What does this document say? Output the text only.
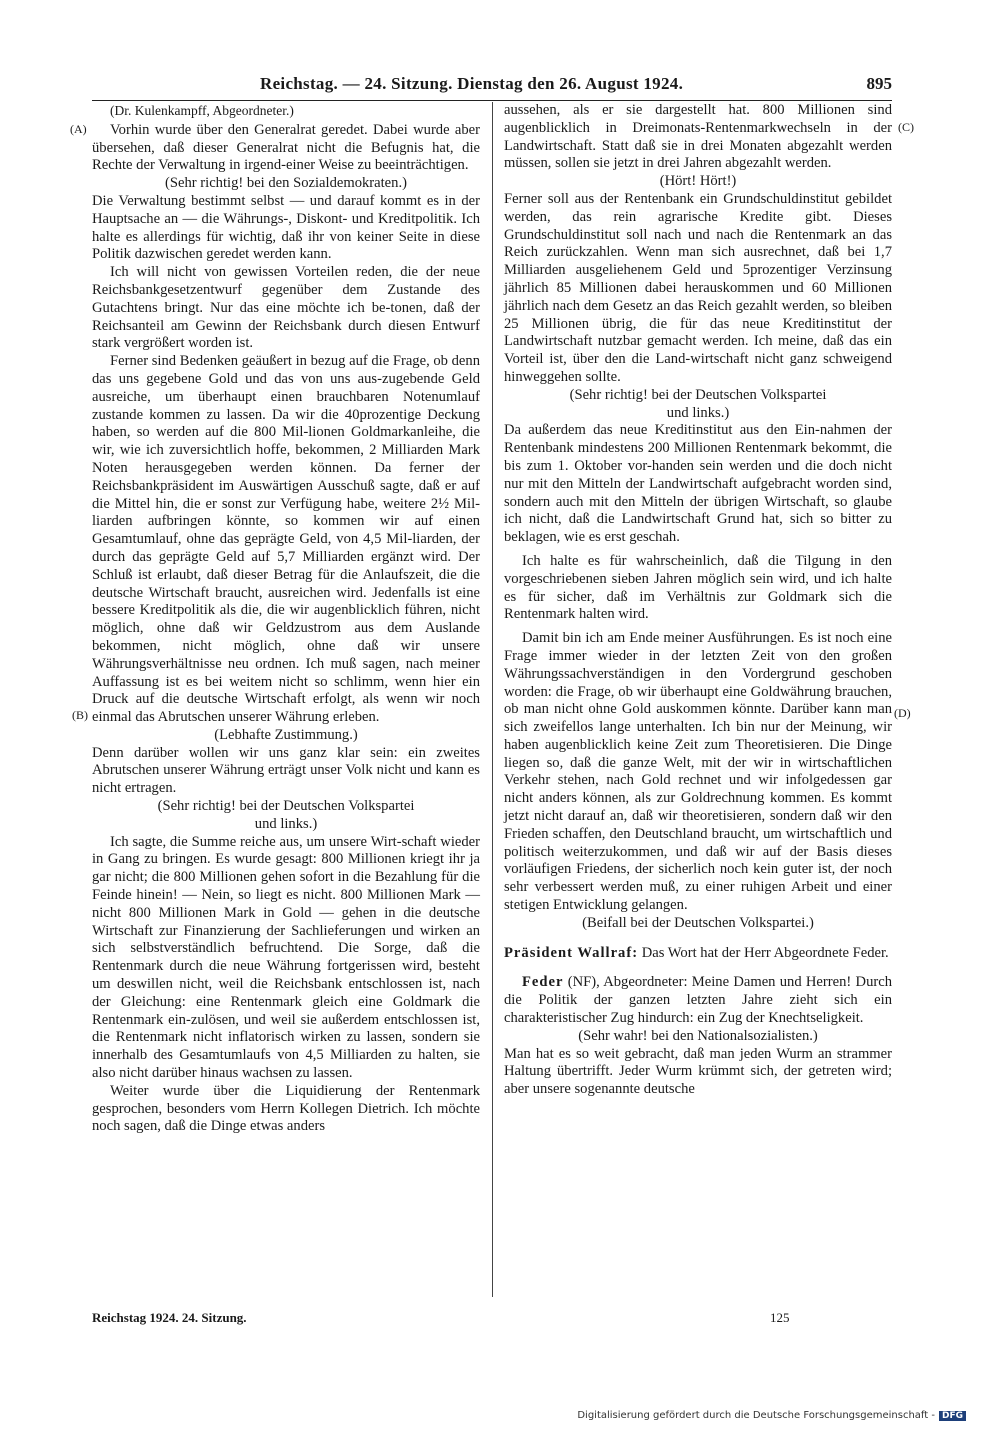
Reichstag. — 24. Sitzung. Dienstag den 26. August 1924.	895
(A)
(B)
(C)
(D)

(Dr. Kulenkampff, Abgeordneter.)

Vorhin wurde über den Generalrat geredet. Dabei wurde aber übersehen, daß dieser Generalrat nicht die Befugnis hat, die Rechte der Verwaltung in irgend-einer Weise zu beeinträchtigen.

(Sehr richtig! bei den Sozialdemokraten.)

Die Verwaltung bestimmt selbst — und darauf kommt es in der Hauptsache an — die Währungs-, Diskont- und Kreditpolitik. Ich halte es allerdings für wichtig, daß ihr von keiner Seite in diese Politik dazwischen geredet werden kann.

Ich will nicht von gewissen Vorteilen reden, die der neue Reichsbankgesetzentwurf gegenüber dem Zustande des Gutachtens bringt. Nur das eine möchte ich be-tonen, daß der Reichsanteil am Gewinn der Reichsbank durch diesen Entwurf stark vergrößert worden ist.

Ferner sind Bedenken geäußert in bezug auf die Frage, ob denn das uns gegebene Gold und das von uns aus-zugebende Geld ausreiche, um überhaupt einen brauchbaren Notenumlauf zustande kommen zu lassen. Da wir die 40prozentige Deckung haben, so werden auf die 800 Mil-lionen Goldmarkanleihe, die wir, wie ich zuversichtlich hoffe, bekommen, 2 Milliarden Mark Noten herausgegeben werden können. Da ferner der Reichsbankpräsident im Auswärtigen Ausschuß sagte, daß er auf die Mittel hin, die er sonst zur Verfügung habe, weitere 2½ Mil-liarden aufbringen könnte, so kommen wir auf einen Gesamtumlauf, ohne das geprägte Geld, von 4,5 Mil-liarden, der durch das geprägte Geld auf 5,7 Milliarden ergänzt wird. Der Schluß ist erlaubt, daß dieser Betrag für die Anlaufszeit, die die deutsche Wirtschaft braucht, ausreichen wird. Jedenfalls ist eine bessere Kreditpolitik als die, die wir augenblicklich führen, nicht möglich, ohne daß wir Geldzustrom aus dem Auslande bekommen, nicht möglich, ohne daß wir unsere Währungsverhältnisse neu ordnen. Ich muß sagen, nach meiner Auffassung ist es bei weitem nicht so schlimm, wenn hier ein Druck auf die deutsche Wirtschaft erfolgt, als wenn wir noch einmal das Abrutschen unserer Währung erleben.

(Lebhafte Zustimmung.)

Denn darüber wollen wir uns ganz klar sein: ein zweites Abrutschen unserer Währung erträgt unser Volk nicht und kann es nicht ertragen.

(Sehr richtig! bei der Deutschen Volkspartei

und links.)

Ich sagte, die Summe reiche aus, um unsere Wirt-schaft wieder in Gang zu bringen. Es wurde gesagt: 800 Millionen kriegt ihr ja gar nicht; die 800 Millionen gehen sofort in die Bezahlung für die Feinde hinein! — Nein, so liegt es nicht. 800 Millionen Mark — nicht 800 Millionen Mark in Gold — gehen in die deutsche Wirtschaft zur Finanzierung der Sachlieferungen und wirken an sich selbstverständlich befruchtend. Die Sorge, daß die Rentenmark durch die neue Währung fortgerissen wird, besteht um deswillen nicht, weil die Reichsbank entschlossen ist, nach der Gleichung: eine Rentenmark gleich eine Goldmark die Rentenmark ein-zulösen, und weil sie außerdem entschlossen ist, die Rentenmark nicht inflatorisch wirken zu lassen, sondern sie innerhalb des Gesamtumlaufs von 4,5 Milliarden zu halten, sie also nicht darüber hinaus wachsen zu lassen.

Weiter wurde über die Liquidierung der Rentenmark gesprochen, besonders vom Herrn Kollegen Dietrich. Ich möchte noch sagen, daß die Dinge etwas anders

aussehen, als er sie dargestellt hat. 800 Millionen sind augenblicklich in Dreimonats-Rentenmarkwechseln in der Landwirtschaft. Statt daß sie in drei Monaten abgezahlt werden müssen, sollen sie jetzt in drei Jahren abgezahlt werden.

(Hört! Hört!)

Ferner soll aus der Rentenbank ein Grundschuldinstitut gebildet werden, das rein agrarische Kredite gibt. Dieses Grundschuldinstitut soll nach und nach die Rentenmark an das Reich zurückzahlen. Wenn man sich ausrechnet, daß bei 1,7 Milliarden ausgeliehenem Geld und 5prozentiger Verzinsung jährlich 85 Millionen dabei herauskommen und 60 Millionen jährlich nach dem Gesetz an das Reich gezahlt werden, so bleiben 25 Millionen übrig, die für das neue Kreditinstitut der Landwirtschaft nutzbar gemacht werden. Ich meine, daß das ein Vorteil ist, über den die Land-wirtschaft nicht ganz schweigend hinweggehen sollte.

(Sehr richtig! bei der Deutschen Volkspartei

und links.)

Da außerdem das neue Kreditinstitut aus den Ein-nahmen der Rentenbank mindestens 200 Millionen Rentenmark bekommt, die bis zum 1. Oktober vor-handen sein werden und die doch nicht nur mit den Mitteln der Landwirtschaft aufgebracht worden sind, sondern auch mit den Mitteln der übrigen Wirtschaft, so glaube ich nicht, daß die Landwirtschaft Grund hat, sich so bitter zu beklagen, wie es erst geschah.

Ich halte es für wahrscheinlich, daß die Tilgung in den vorgeschriebenen sieben Jahren möglich sein wird, und ich halte es für sicher, daß im Verhältnis zur Goldmark sich die Rentenmark halten wird.

Damit bin ich am Ende meiner Ausführungen. Es ist noch eine Frage immer wieder in der letzten Zeit von den großen Währungssachverständigen in den Vordergrund geschoben worden: die Frage, ob wir überhaupt eine Goldwährung brauchen, ob man nicht ohne Gold auskommen könnte. Darüber kann man sich zweifellos lange unterhalten. Ich bin nur der Meinung, wir haben augenblicklich keine Zeit zum Theoretisieren. Die Dinge liegen so, daß die ganze Welt, mit der wir in wirtschaftlichen Verkehr stehen, nach Gold rechnet und wir infolgedessen gar nicht anders können, als zur Goldrechnung kommen. Es kommt jetzt nicht darauf an, daß wir theoretisieren, sondern daß wir den Frieden schaffen, den Deutschland braucht, um wirtschaftlich und politisch weiterzukommen, und daß wir auf der Basis dieses vorläufigen Friedens, der sicherlich noch kein guter ist, der noch sehr verbessert werden muß, zu einer ruhigen Arbeit und einer stetigen Entwicklung gelangen.

(Beifall bei der Deutschen Volkspartei.)

Präsident Wallraf: Das Wort hat der Herr Abgeordnete Feder.

Feder (NF), Abgeordneter: Meine Damen und Herren! Durch die Politik der ganzen letzten Jahre zieht sich ein charakteristischer Zug hindurch: ein Zug der Knechtseligkeit.

(Sehr wahr! bei den Nationalsozialisten.)

Man hat es so weit gebracht, daß man jeden Wurm an strammer Haltung übertrifft. Jeder Wurm krümmt sich, der getreten wird; aber unsere sogenannte deutsche

Reichstag 1924. 24. Sitzung.	125
Digitalisierung gefördert durch die Deutsche Forschungsgemeinschaft - DFG
